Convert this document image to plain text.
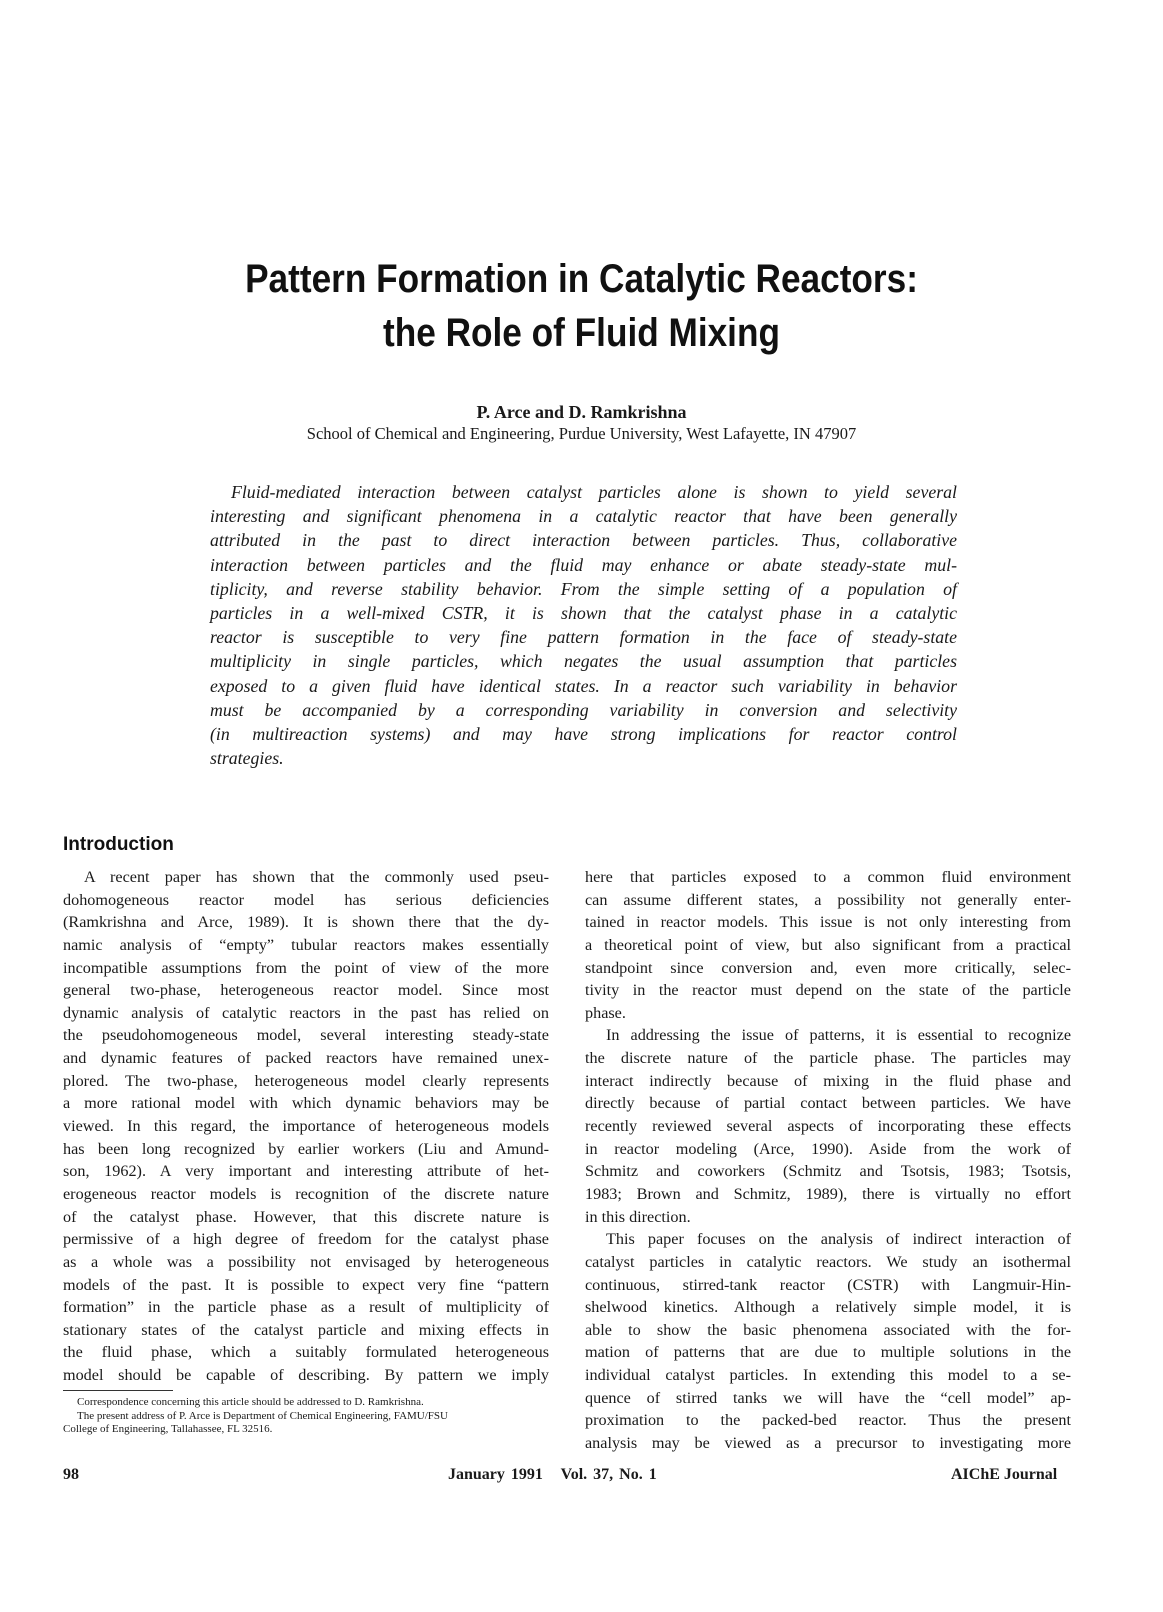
Pattern Formation in Catalytic Reactors:
the Role of Fluid Mixing
P. Arce and D. Ramkrishna
School of Chemical and Engineering, Purdue University, West Lafayette, IN 47907
Fluid-mediated interaction between catalyst particles alone is shown to yield several
interesting and significant phenomena in a catalytic reactor that have been generally
attributed in the past to direct interaction between particles. Thus, collaborative
interaction between particles and the fluid may enhance or abate steady-state mul-
tiplicity, and reverse stability behavior. From the simple setting of a population of
particles in a well-mixed CSTR, it is shown that the catalyst phase in a catalytic
reactor is susceptible to very fine pattern formation in the face of steady-state
multiplicity in single particles, which negates the usual assumption that particles
exposed to a given fluid have identical states. In a reactor such variability in behavior
must be accompanied by a corresponding variability in conversion and selectivity
(in multireaction systems) and may have strong implications for reactor control
strategies.
Introduction
A recent paper has shown that the commonly used pseu-
dohomogeneous reactor model has serious deficiencies
(Ramkrishna and Arce, 1989). It is shown there that the dy-
namic analysis of “empty” tubular reactors makes essentially
incompatible assumptions from the point of view of the more
general two-phase, heterogeneous reactor model. Since most
dynamic analysis of catalytic reactors in the past has relied on
the pseudohomogeneous model, several interesting steady-state
and dynamic features of packed reactors have remained unex-
plored. The two-phase, heterogeneous model clearly represents
a more rational model with which dynamic behaviors may be
viewed. In this regard, the importance of heterogeneous models
has been long recognized by earlier workers (Liu and Amund-
son, 1962). A very important and interesting attribute of het-
erogeneous reactor models is recognition of the discrete nature
of the catalyst phase. However, that this discrete nature is
permissive of a high degree of freedom for the catalyst phase
as a whole was a possibility not envisaged by heterogeneous
models of the past. It is possible to expect very fine “pattern
formation” in the particle phase as a result of multiplicity of
stationary states of the catalyst particle and mixing effects in
the fluid phase, which a suitably formulated heterogeneous
model should be capable of describing. By pattern we imply
here that particles exposed to a common fluid environment
can assume different states, a possibility not generally enter-
tained in reactor models. This issue is not only interesting from
a theoretical point of view, but also significant from a practical
standpoint since conversion and, even more critically, selec-
tivity in the reactor must depend on the state of the particle
phase.
In addressing the issue of patterns, it is essential to recognize
the discrete nature of the particle phase. The particles may
interact indirectly because of mixing in the fluid phase and
directly because of partial contact between particles. We have
recently reviewed several aspects of incorporating these effects
in reactor modeling (Arce, 1990). Aside from the work of
Schmitz and coworkers (Schmitz and Tsotsis, 1983; Tsotsis,
1983; Brown and Schmitz, 1989), there is virtually no effort
in this direction.
This paper focuses on the analysis of indirect interaction of
catalyst particles in catalytic reactors. We study an isothermal
continuous, stirred-tank reactor (CSTR) with Langmuir-Hin-
shelwood kinetics. Although a relatively simple model, it is
able to show the basic phenomena associated with the for-
mation of patterns that are due to multiple solutions in the
individual catalyst particles. In extending this model to a se-
quence of stirred tanks we will have the “cell model” ap-
proximation to the packed-bed reactor. Thus the present
analysis may be viewed as a precursor to investigating more
Correspondence concerning this article should be addressed to D. Ramkrishna.
The present address of P. Arce is Department of Chemical Engineering, FAMU/FSU
College of Engineering, Tallahassee, FL 32516.
98	January 1991   Vol. 37, No. 1	AIChE Journal
